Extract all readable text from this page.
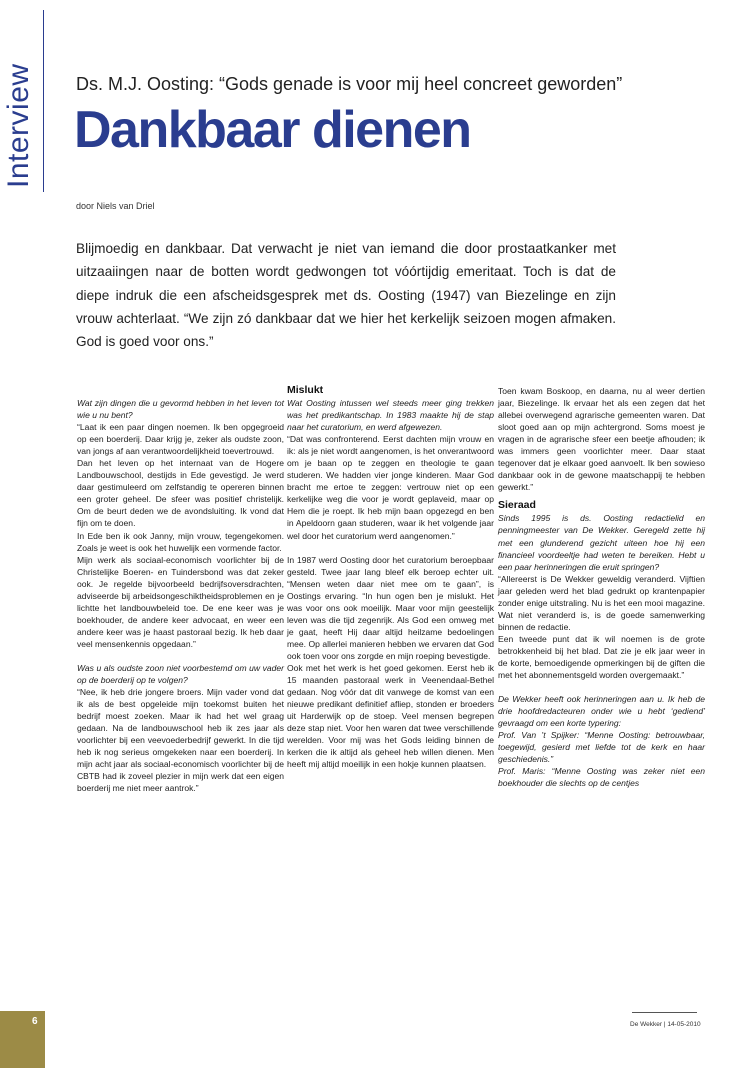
Interview Ds. M.J. Oosting: “Gods genade is voor mij heel concreet geworden”
Dankbaar dienen
door Niels van Driel

Blijmoedig en dankbaar. Dat verwacht je niet van iemand die door prostaatkanker met uitzaaiingen naar de botten wordt gedwongen tot vóórtijdig emeritaat. Toch is dat de diepe indruk die een afscheidsgesprek met ds. Oosting (1947) van Biezelinge en zijn vrouw achterlaat. “We zijn zó dankbaar dat we hier het kerkelijk seizoen mogen afmaken. God is goed voor ons.”

Wat zijn dingen die u gevormd hebben in het leven tot wie u nu bent?

“Laat ik een paar dingen noemen. Ik ben opgegroeid op een boerderij. Daar krijg je, zeker als oudste zoon, van jongs af aan verantwoordelijkheid toevertrouwd.

Dan het leven op het internaat van de Hogere Landbouwschool, destijds in Ede gevestigd. Je werd daar gestimuleerd om zelfstandig te opereren binnen een groter geheel. De sfeer was positief christelijk. Om de beurt deden we de avondsluiting. Ik vond dat fijn om te doen.

In Ede ben ik ook Janny, mijn vrouw, tegengekomen. Zoals je weet is ook het huwelijk een vormende factor.

Mijn werk als sociaal-economisch voorlichter bij de Christelijke Boeren- en Tuindersbond was dat zeker ook. Je regelde bijvoorbeeld bedrijfsoversdrachten, adviseerde bij arbeidsongeschiktheidsproblemen en je lichtte het landbouwbeleid toe. De ene keer was je boekhouder, de andere keer advocaat, en weer een andere keer was je haast pastoraal bezig. Ik heb daar veel mensenkennis opgedaan.”

Was u als oudste zoon niet voorbestemd om uw vader op de boerderij op te volgen?

“Nee, ik heb drie jongere broers. Mijn vader vond dat ik als de best opgeleide mijn toekomst buiten het bedrijf moest zoeken. Maar ik had het wel graag gedaan. Na de landbouwschool heb ik zes jaar als voorlichter bij een veevoederbedrijf gewerkt. In die tijd heb ik nog serieus omgekeken naar een boerderij. In mijn acht jaar als sociaal-economisch voorlichter bij de CBTB had ik zoveel plezier in mijn werk dat een eigen boerderij me niet meer aantrok.”

Mislukt

Wat Oosting intussen wel steeds meer ging trekken was het predikantschap. In 1983 maakte hij de stap naar het curatorium, en werd afgewezen.

“Dat was confronterend. Eerst dachten mijn vrouw en ik: als je niet wordt aangenomen, is het onverantwoord om je baan op te zeggen en theologie te gaan studeren. We hadden vier jonge kinderen. Maar God bracht me ertoe te zeggen: vertrouw niet op een kerkelijke weg die voor je wordt geplaveid, maar op Hem die je roept. Ik heb mijn baan opgezegd en ben in Apeldoorn gaan studeren, waar ik het volgende jaar wel door het curatorium werd aangenomen.”

In 1987 werd Oosting door het curatorium beroepbaar gesteld. Twee jaar lang bleef elk beroep echter uit. “Mensen weten daar niet mee om te gaan”, is Oostings ervaring. “In hun ogen ben je mislukt. Het was voor ons ook moeilijk. Maar voor mijn geestelijk leven was die tijd zegenrijk. Als God een omweg met je gaat, heeft Hij daar altijd heilzame bedoelingen mee. Op allerlei manieren hebben we ervaren dat God ook toen voor ons zorgde en mijn roeping bevestigde.

Ook met het werk is het goed gekomen. Eerst heb ik 15 maanden pastoraal werk in Veenendaal-Bethel gedaan. Nog vóór dat dit vanwege de komst van een nieuwe predikant definitief afliep, stonden er broeders uit Harderwijk op de stoep. Veel mensen begrepen deze stap niet. Voor hen waren dat twee verschillende werelden. Voor mij was het Gods leiding binnen de kerken die ik altijd als geheel heb willen dienen. Men heeft mij altijd moeilijk in een hokje kunnen plaatsen.

Toen kwam Boskoop, en daarna, nu al weer dertien jaar, Biezelinge. Ik ervaar het als een zegen dat het allebei overwegend agrarische gemeenten waren. Dat sloot goed aan op mijn achtergrond. Soms moest je vragen in de agrarische sfeer een beetje afhouden; ik was immers geen voorlichter meer. Daar staat tegenover dat je elkaar goed aanvoelt. Ik ben sowieso dankbaar ook in de gewone maatschappij te hebben gewerkt.”

Sieraad

Sinds 1995 is ds. Oosting redactielid en penningmeester van De Wekker. Geregeld zette hij met een glunderend gezicht uiteen hoe hij een financieel voordeeltje had weten te bereiken. Hebt u een paar herinneringen die eruit springen?

“Allereerst is De Wekker geweldig veranderd. Vijftien jaar geleden werd het blad gedrukt op krantenpapier zonder enige uitstraling. Nu is het een mooi magazine. Wat niet veranderd is, is de goede samenwerking binnen de redactie.

Een tweede punt dat ik wil noemen is de grote betrokkenheid bij het blad. Dat zie je elk jaar weer in de korte, bemoedigende opmerkingen bij de giften die met het abonnementsgeld worden overgemaakt.”

De Wekker heeft ook herinneringen aan u. Ik heb de drie hoofdredacteuren onder wie u hebt ‘gediend’ gevraagd om een korte typering:

Prof. Van ’t Spijker: “Menne Oosting: betrouwbaar, toegewijd, gesierd met liefde tot de kerk en haar geschiedenis.”

Prof. Maris: “Menne Oosting was zeker niet een boekhouder die slechts op de centjes

6	De Wekker | 14-05-2010
